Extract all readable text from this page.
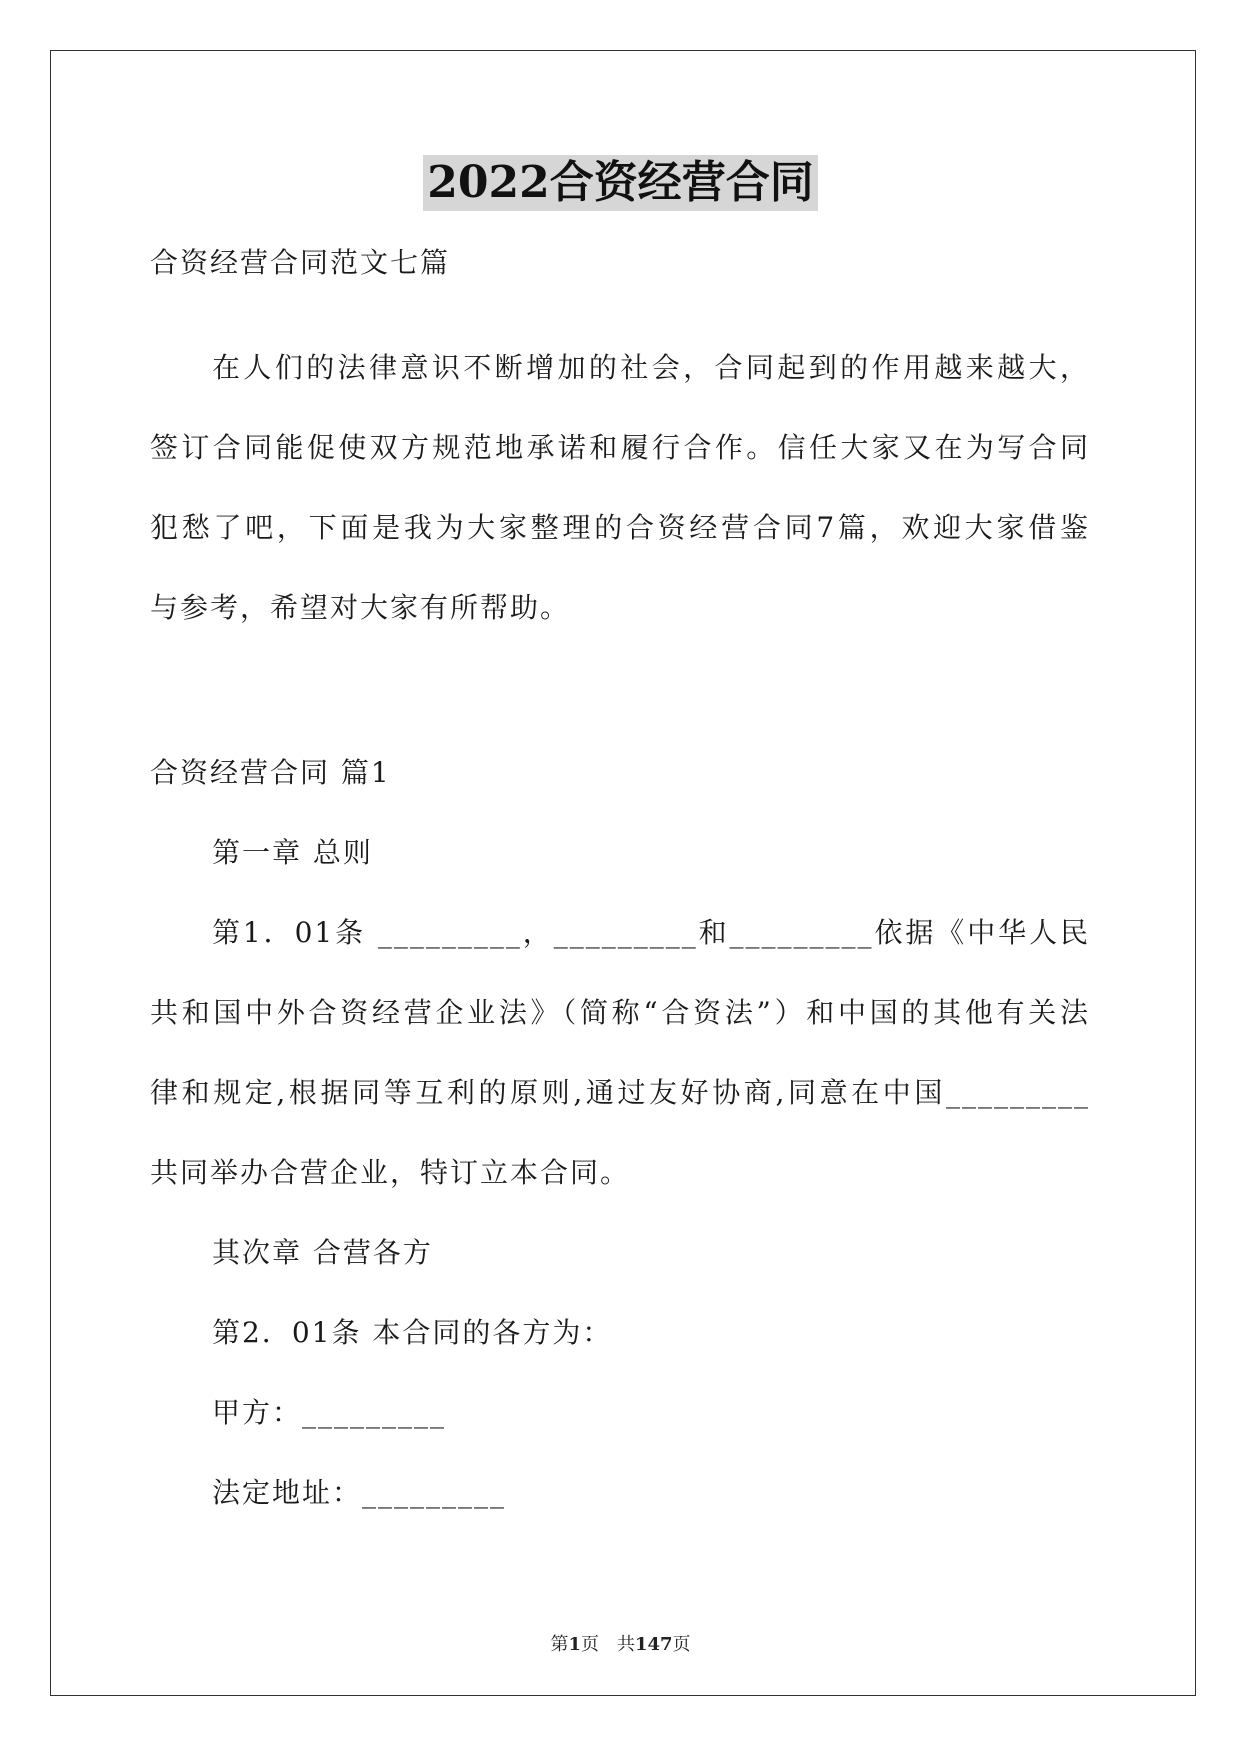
2022合资经营合同
合资经营合同范文七篇
在人们的法律意识不断增加的社会，合同起到的作用越来越大，
签订合同能促使双方规范地承诺和履行合作。信任大家又在为写合同
犯愁了吧，下面是我为大家整理的合资经营合同7篇，欢迎大家借鉴
与参考，希望对大家有所帮助。
合资经营合同 篇1
第一章 总则
第1．01条 _________，_________和_________依据《中华人民
共和国中外合资经营企业法》（简称“合资法”）和中国的其他有关法
律和规定,根据同等互利的原则,通过友好协商,同意在中国_________
共同举办合营企业，特订立本合同。
其次章 合营各方
第2．01条 本合同的各方为：
甲方：_________
法定地址：_________
第1页　共147页
